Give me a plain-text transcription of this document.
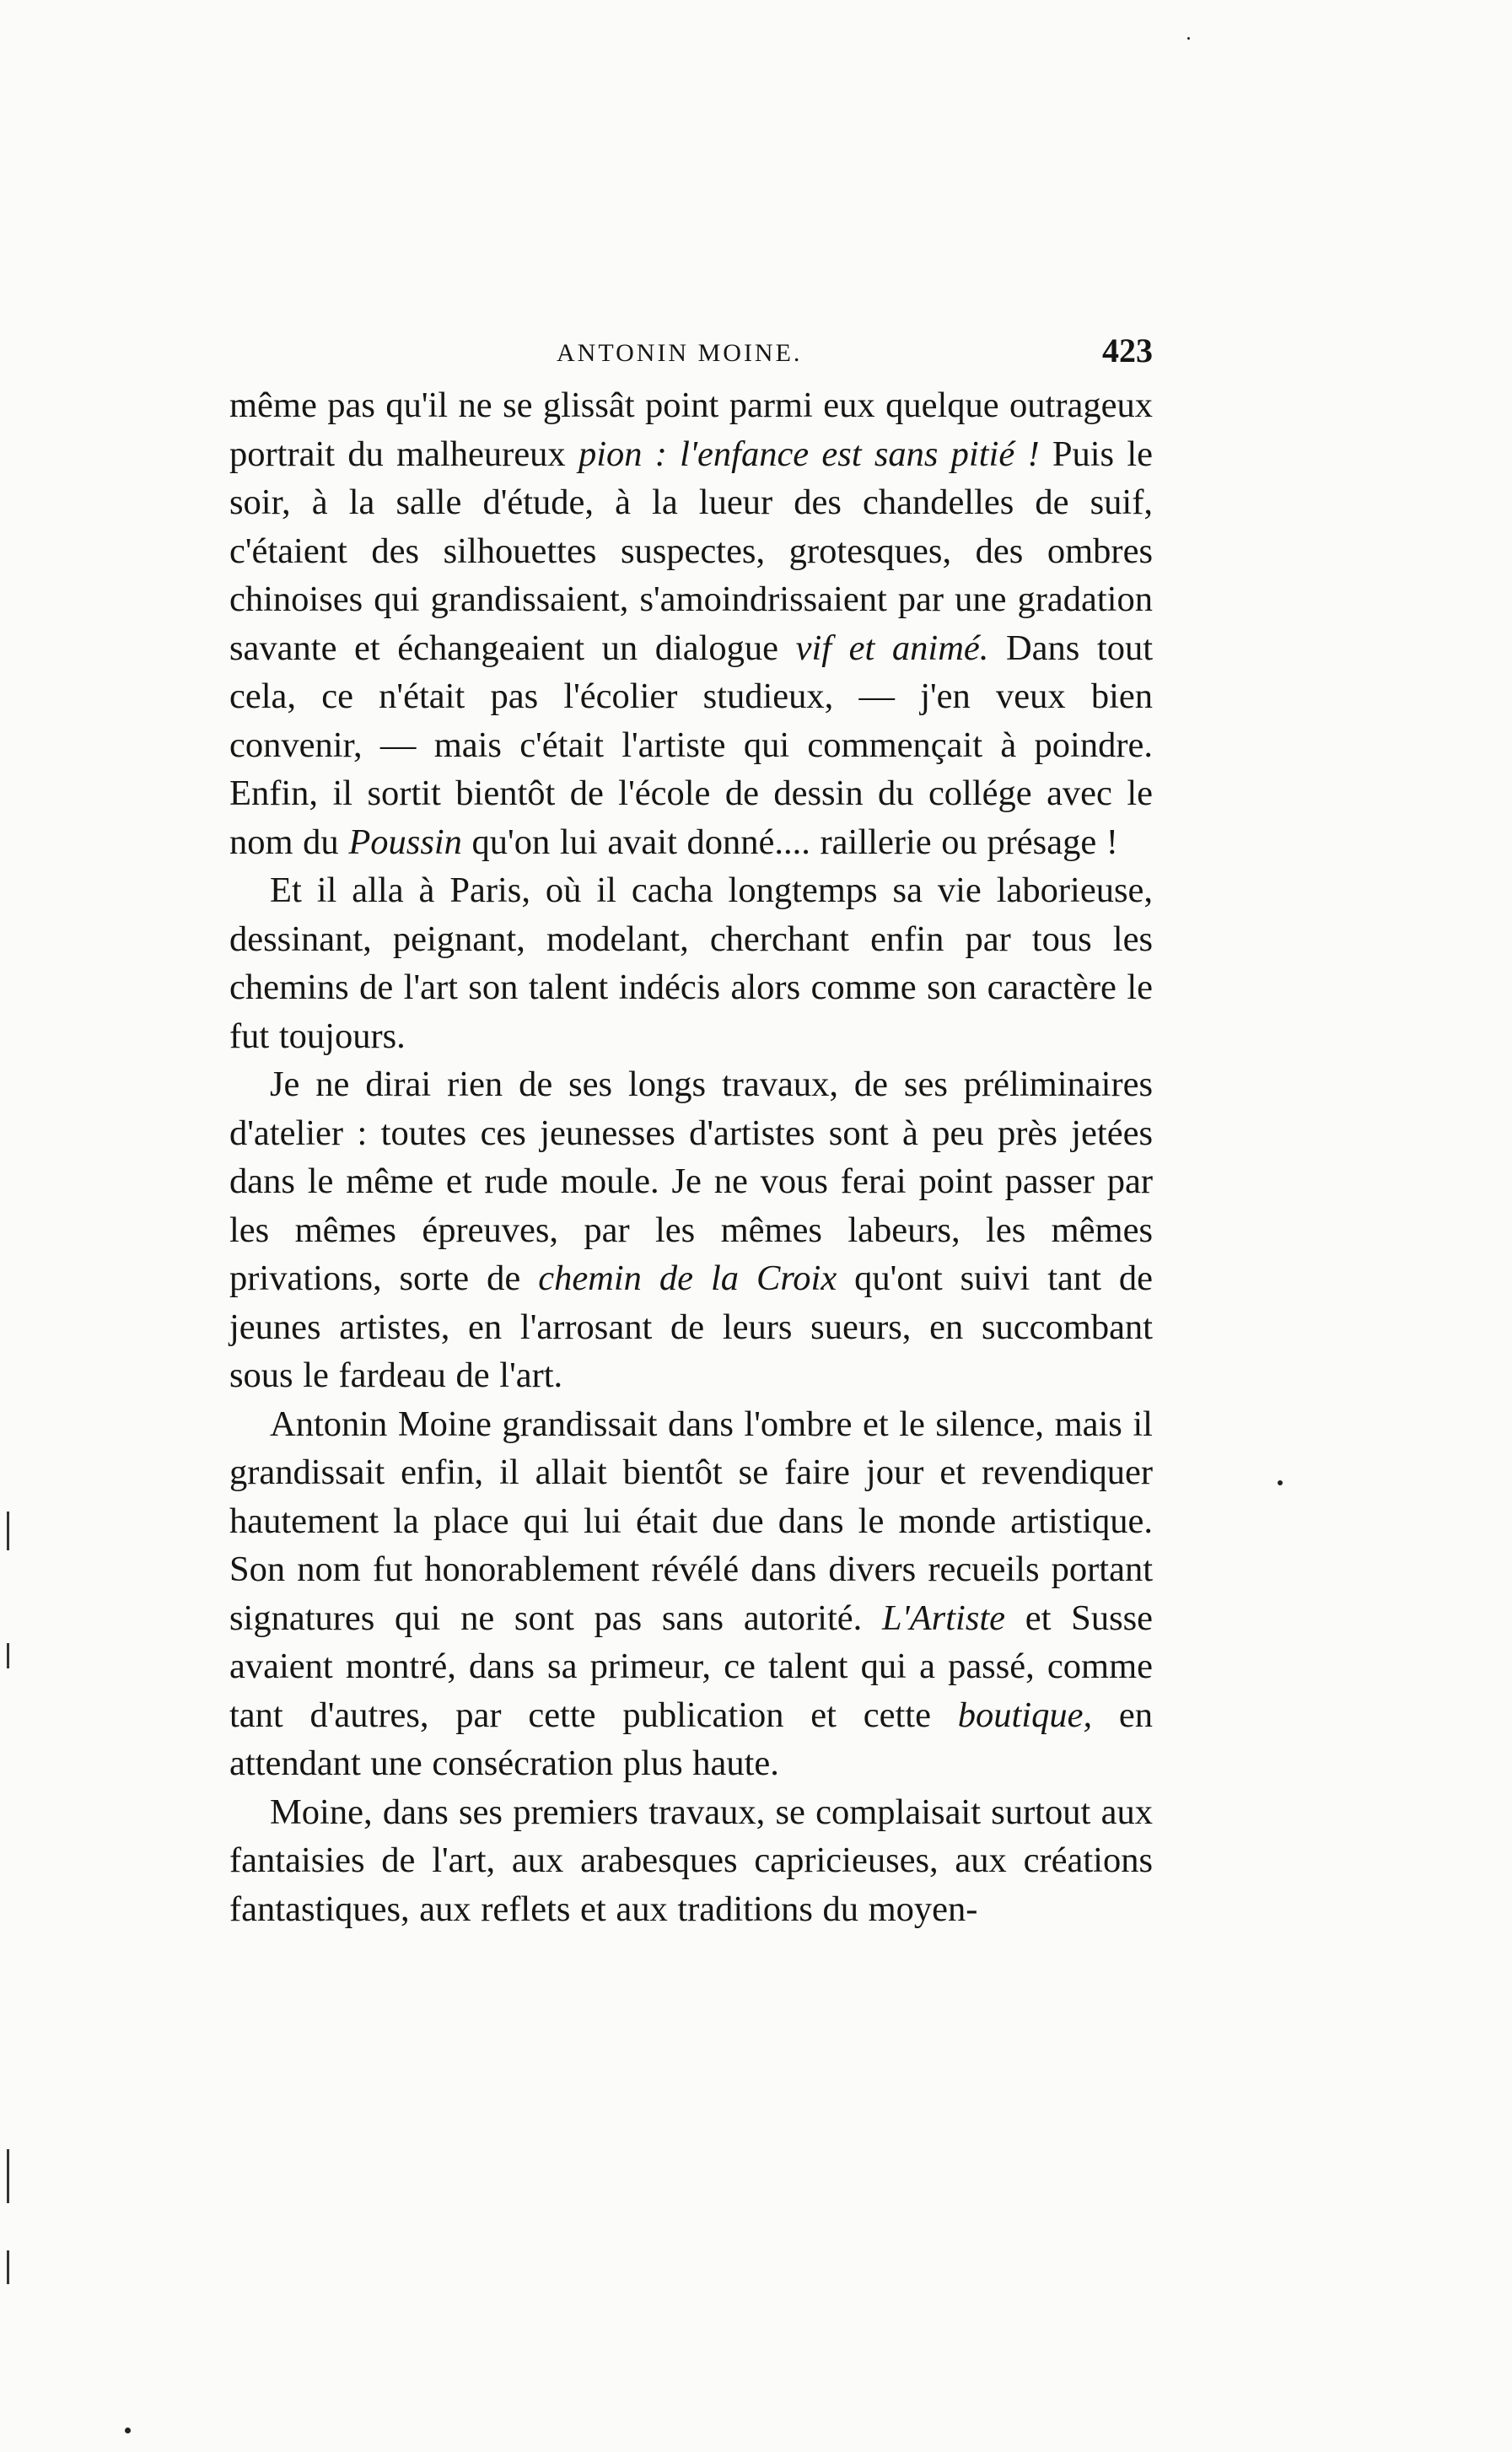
ANTONIN MOINE.	423

même pas qu'il ne se glissât point parmi eux quelque outrageux portrait du malheureux pion : l'enfance est sans pitié ! Puis le soir, à la salle d'étude, à la lueur des chandelles de suif, c'étaient des silhouettes suspectes, grotesques, des ombres chinoises qui grandissaient, s'amoindrissaient par une gradation savante et échangeaient un dialogue vif et animé. Dans tout cela, ce n'était pas l'écolier studieux, — j'en veux bien convenir, — mais c'était l'artiste qui commençait à poindre. Enfin, il sortit bientôt de l'école de dessin du collége avec le nom du Poussin qu'on lui avait donné.... raillerie ou présage !

Et il alla à Paris, où il cacha longtemps sa vie laborieuse, dessinant, peignant, modelant, cherchant enfin par tous les chemins de l'art son talent indécis alors comme son caractère le fut toujours.

Je ne dirai rien de ses longs travaux, de ses préliminaires d'atelier : toutes ces jeunesses d'artistes sont à peu près jetées dans le même et rude moule. Je ne vous ferai point passer par les mêmes épreuves, par les mêmes labeurs, les mêmes privations, sorte de chemin de la Croix qu'ont suivi tant de jeunes artistes, en l'arrosant de leurs sueurs, en succombant sous le fardeau de l'art.

Antonin Moine grandissait dans l'ombre et le silence, mais il grandissait enfin, il allait bientôt se faire jour et revendiquer hautement la place qui lui était due dans le monde artistique. Son nom fut honorablement révélé dans divers recueils portant signatures qui ne sont pas sans autorité. L'Artiste et Susse avaient montré, dans sa primeur, ce talent qui a passé, comme tant d'autres, par cette publication et cette boutique, en attendant une consécration plus haute.

Moine, dans ses premiers travaux, se complaisait surtout aux fantaisies de l'art, aux arabesques capricieuses, aux créations fantastiques, aux reflets et aux traditions du moyen-
